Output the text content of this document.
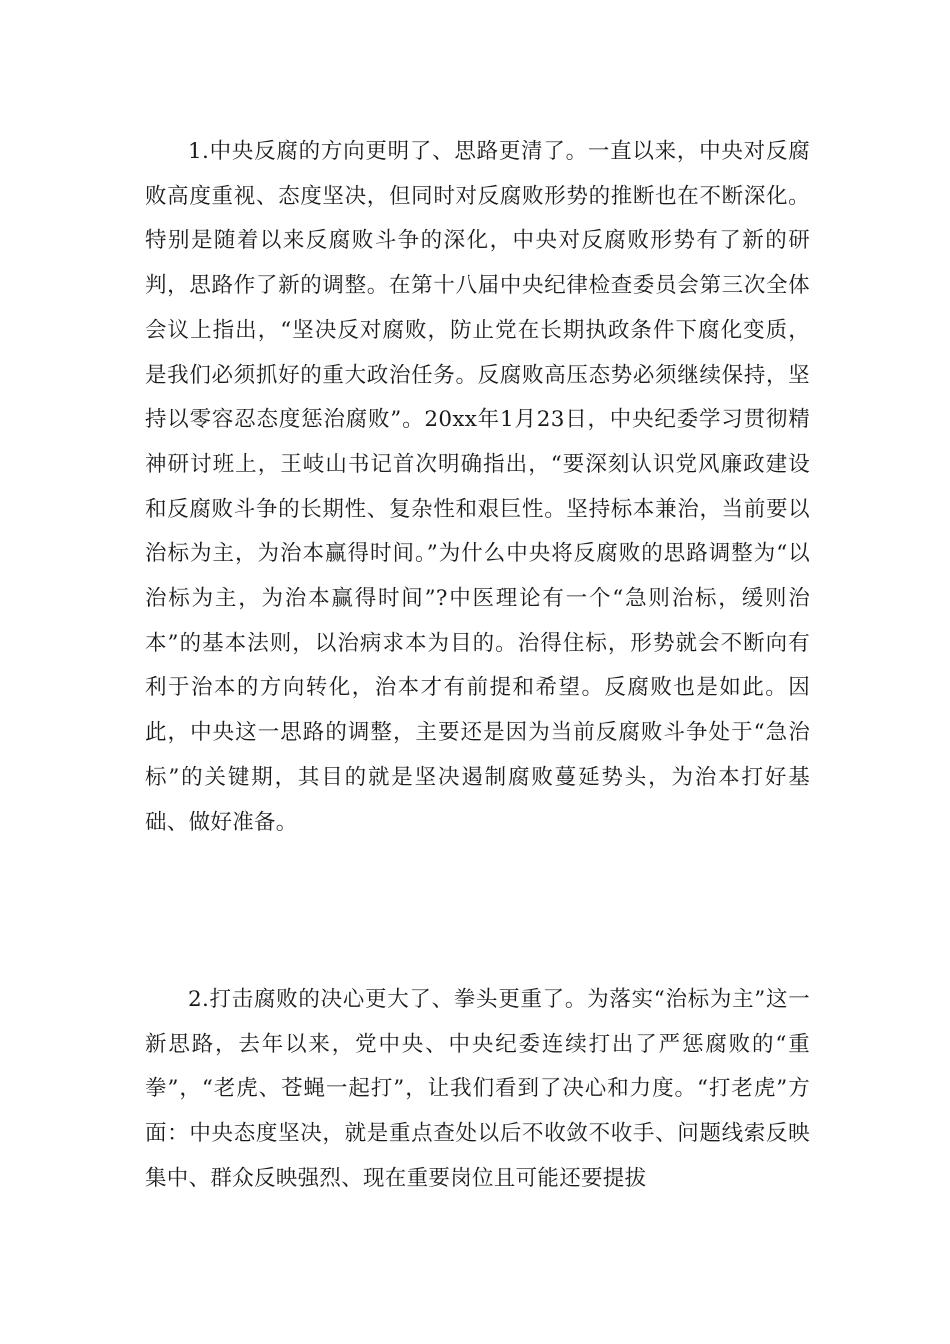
1.中央反腐的方向更明了、思路更清了。一直以来，中央对反腐败高度重视、态度坚决，但同时对反腐败形势的推断也在不断深化。特别是随着以来反腐败斗争的深化，中央对反腐败形势有了新的研判，思路作了新的调整。在第十八届中央纪律检查委员会第三次全体会议上指出，“坚决反对腐败，防止党在长期执政条件下腐化变质，是我们必须抓好的重大政治任务。反腐败高压态势必须继续保持，坚持以零容忍态度惩治腐败”。20xx年1月23日，中央纪委学习贯彻精神研讨班上，王岐山书记首次明确指出，“要深刻认识党风廉政建设和反腐败斗争的长期性、复杂性和艰巨性。坚持标本兼治，当前要以治标为主，为治本赢得时间。”为什么中央将反腐败的思路调整为“以治标为主，为治本赢得时间”?中医理论有一个“急则治标，缓则治本”的基本法则，以治病求本为目的。治得住标，形势就会不断向有利于治本的方向转化，治本才有前提和希望。反腐败也是如此。因此，中央这一思路的调整，主要还是因为当前反腐败斗争处于“急治标”的关键期，其目的就是坚决遏制腐败蔓延势头，为治本打好基础、做好准备。

2.打击腐败的决心更大了、拳头更重了。为落实“治标为主”这一新思路，去年以来，党中央、中央纪委连续打出了严惩腐败的“重拳”，“老虎、苍蝇一起打”，让我们看到了决心和力度。“打老虎”方面：中央态度坚决，就是重点查处以后不收敛不收手、问题线索反映集中、群众反映强烈、现在重要岗位且可能还要提拔
